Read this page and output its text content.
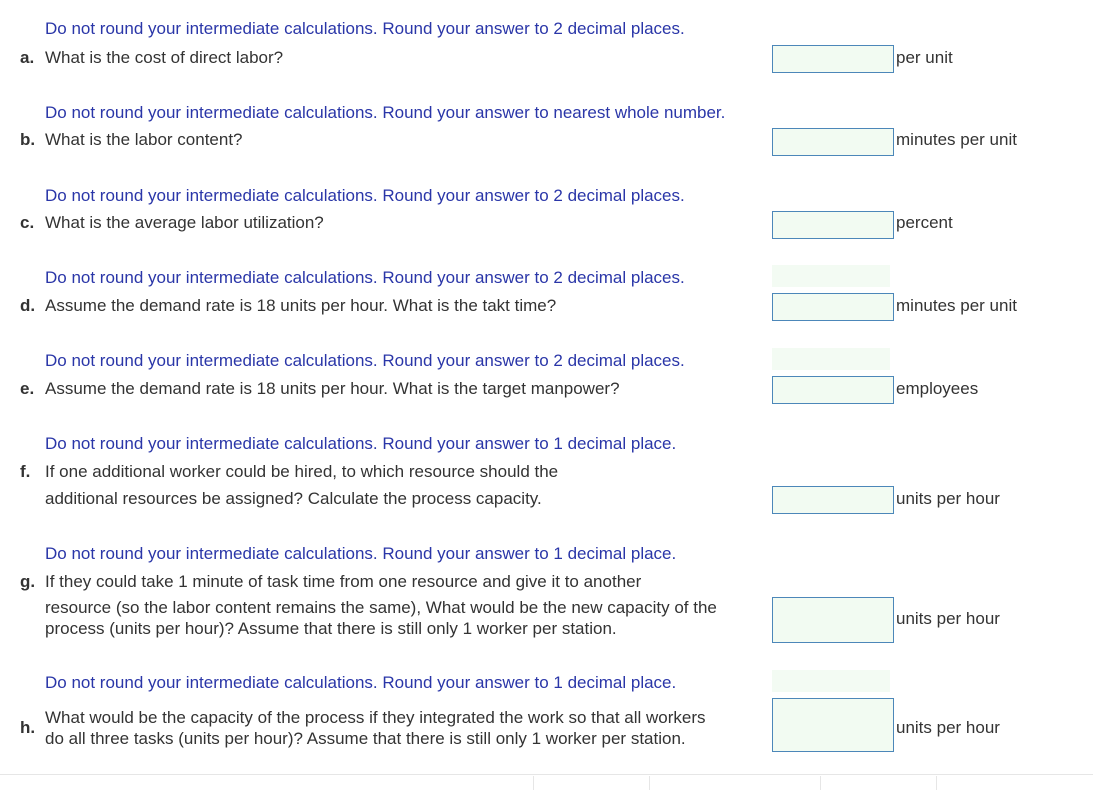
Do not round your intermediate calculations. Round your answer to 2 decimal places.
a. What is the cost of direct labor?	per unit
Do not round your intermediate calculations. Round your answer to nearest whole number.
b. What is the labor content?	minutes per unit
Do not round your intermediate calculations. Round your answer to 2 decimal places.
c. What is the average labor utilization?	percent
Do not round your intermediate calculations. Round your answer to 2 decimal places.
d. Assume the demand rate is 18 units per hour. What is the takt time?	minutes per unit
Do not round your intermediate calculations. Round your answer to 2 decimal places.
e. Assume the demand rate is 18 units per hour. What is the target manpower?	employees
Do not round your intermediate calculations. Round your answer to 1 decimal place.
f. If one additional worker could be hired, to which resource should the
additional resources be assigned? Calculate the process capacity.	units per hour
Do not round your intermediate calculations. Round your answer to 1 decimal place.
g. If they could take 1 minute of task time from one resource and give it to another
resource (so the labor content remains the same), What would be the new capacity of the
process (units per hour)? Assume that there is still only 1 worker per station.
units per hour
Do not round your intermediate calculations. Round your answer to 1 decimal place.
h.
What would be the capacity of the process if they integrated the work so that all workers
do all three tasks (units per hour)? Assume that there is still only 1 worker per station.
units per hour
